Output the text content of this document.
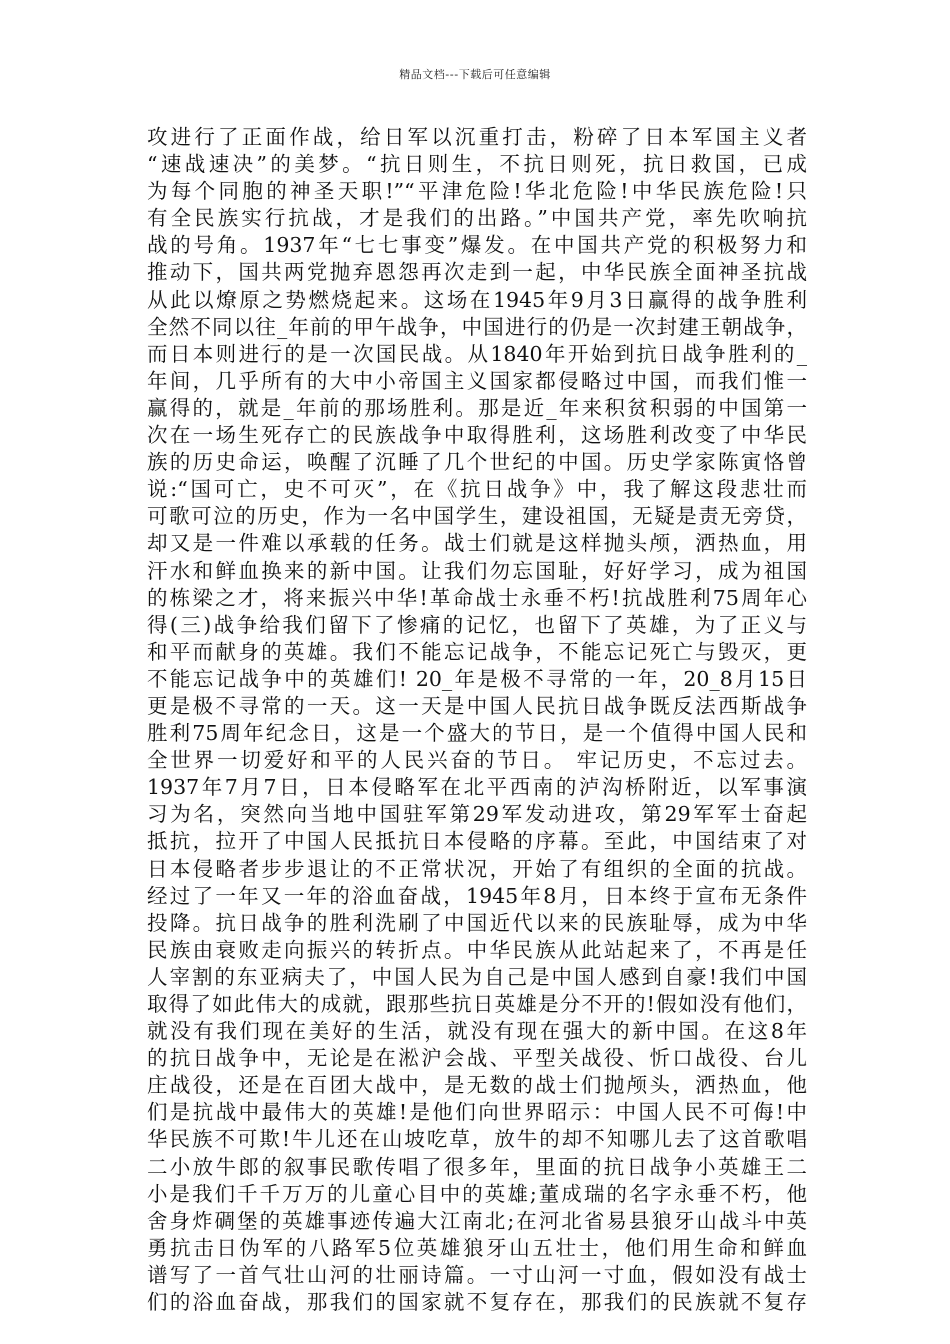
精品文档---下载后可任意编辑
攻进行了正面作战，给日军以沉重打击，粉碎了日本军国主义者
“速战速决”的美梦。“抗日则生，不抗日则死，抗日救国，已成
为每个同胞的神圣天职!”“平津危险!华北危险!中华民族危险!只
有全民族实行抗战，才是我们的出路。”中国共产党，率先吹响抗
战的号角。1937年“七七事变”爆发。在中国共产党的积极努力和
推动下，国共两党抛弃恩怨再次走到一起，中华民族全面神圣抗战
从此以燎原之势燃烧起来。这场在1945年9月3日赢得的战争胜利
全然不同以往_年前的甲午战争，中国进行的仍是一次封建王朝战争，
而日本则进行的是一次国民战。从1840年开始到抗日战争胜利的_
年间，几乎所有的大中小帝国主义国家都侵略过中国，而我们惟一
赢得的，就是_年前的那场胜利。那是近_年来积贫积弱的中国第一
次在一场生死存亡的民族战争中取得胜利，这场胜利改变了中华民
族的历史命运，唤醒了沉睡了几个世纪的中国。历史学家陈寅恪曾
说:“国可亡，史不可灭”，在《抗日战争》中，我了解这段悲壮而
可歌可泣的历史，作为一名中国学生，建设祖国，无疑是责无旁贷，
却又是一件难以承载的任务。战士们就是这样抛头颅，洒热血，用
汗水和鲜血换来的新中国。让我们勿忘国耻，好好学习，成为祖国
的栋梁之才，将来振兴中华!革命战士永垂不朽!抗战胜利75周年心
得(三)战争给我们留下了惨痛的记忆，也留下了英雄，为了正义与
和平而献身的英雄。我们不能忘记战争，不能忘记死亡与毁灭，更
不能忘记战争中的英雄们! 20_年是极不寻常的一年，20_8月15日
更是极不寻常的一天。这一天是中国人民抗日战争既反法西斯战争
胜利75周年纪念日，这是一个盛大的节日，是一个值得中国人民和
全世界一切爱好和平的人民兴奋的节日。 牢记历史，不忘过去。
1937年7月7日，日本侵略军在北平西南的泸沟桥附近，以军事演
习为名，突然向当地中国驻军第29军发动进攻，第29军军士奋起
抵抗，拉开了中国人民抵抗日本侵略的序幕。至此，中国结束了对
日本侵略者步步退让的不正常状况，开始了有组织的全面的抗战。
经过了一年又一年的浴血奋战，1945年8月，日本终于宣布无条件
投降。抗日战争的胜利洗刷了中国近代以来的民族耻辱，成为中华
民族由衰败走向振兴的转折点。中华民族从此站起来了，不再是任
人宰割的东亚病夫了，中国人民为自己是中国人感到自豪!我们中国
取得了如此伟大的成就，跟那些抗日英雄是分不开的!假如没有他们，
就没有我们现在美好的生活，就没有现在强大的新中国。在这8年
的抗日战争中，无论是在淞沪会战、平型关战役、忻口战役、台儿
庄战役，还是在百团大战中，是无数的战士们抛颅头，洒热血，他
们是抗战中最伟大的英雄!是他们向世界昭示：中国人民不可侮!中
华民族不可欺!牛儿还在山坡吃草，放牛的却不知哪儿去了这首歌唱
二小放牛郎的叙事民歌传唱了很多年，里面的抗日战争小英雄王二
小是我们千千万万的儿童心目中的英雄;董成瑞的名字永垂不朽，他
舍身炸碉堡的英雄事迹传遍大江南北;在河北省易县狼牙山战斗中英
勇抗击日伪军的八路军5位英雄狼牙山五壮士，他们用生命和鲜血
谱写了一首气壮山河的壮丽诗篇。一寸山河一寸血，假如没有战士
们的浴血奋战，那我们的国家就不复存在，那我们的民族就不复存
